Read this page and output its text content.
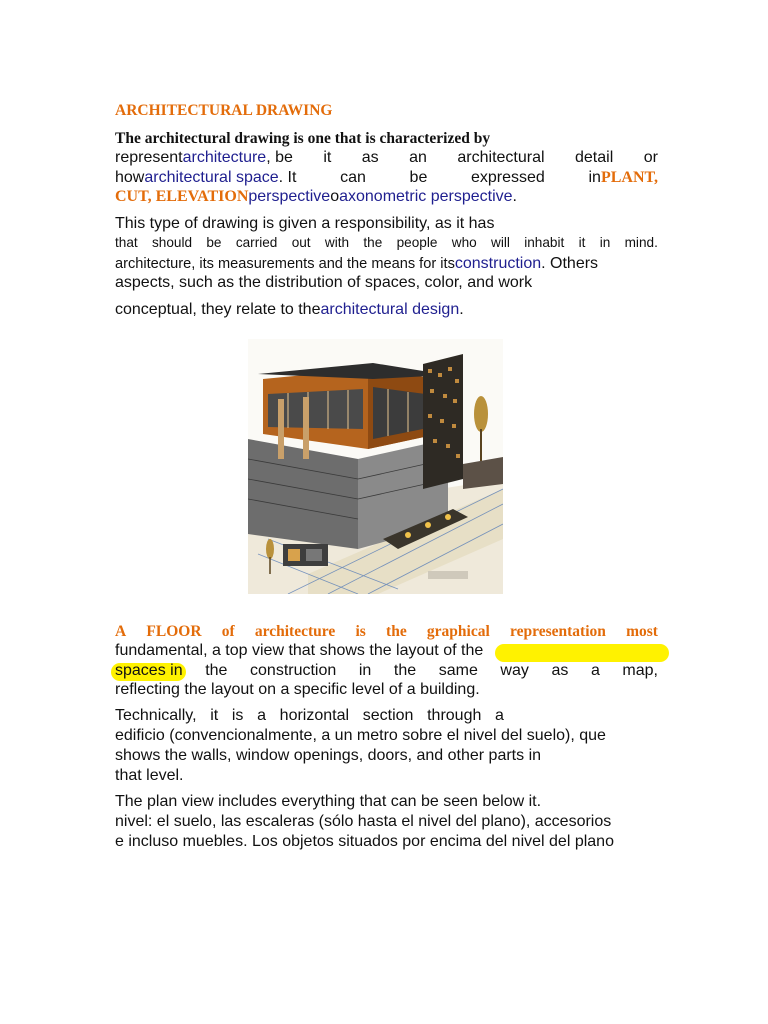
ARCHITECTURAL DRAWING
The architectural drawing is one that is characterized by
representarchitecture, be it as an architectural detail or
howarchitectural space. It	can	be	expressed	inPLANT,
CUT, ELEVATIONperspectiveoaxonometric perspective.
This type of drawing is given a responsibility, as it has
that should be carried out with the people who will inhabit it in mind.
architecture, its measurements and the means for itsconstruction. Others
aspects, such as the distribution of spaces, color, and work
conceptual, they relate to thearchitectural design.
A FLOOR of architecture is the graphical representation most
fundamental, a top view that shows the layout of the
spaces in the construction in the same way as a map,
reflecting the layout on a specific level of a building.
Technically, it is a horizontal section through a
edificio (convencionalmente, a un metro sobre el nivel del suelo), que
shows the walls, window openings, doors, and other parts in
that level.
The plan view includes everything that can be seen below it.
nivel: el suelo, las escaleras (sólo hasta el nivel del plano), accesorios
e incluso muebles. Los objetos situados por encima del nivel del plano
